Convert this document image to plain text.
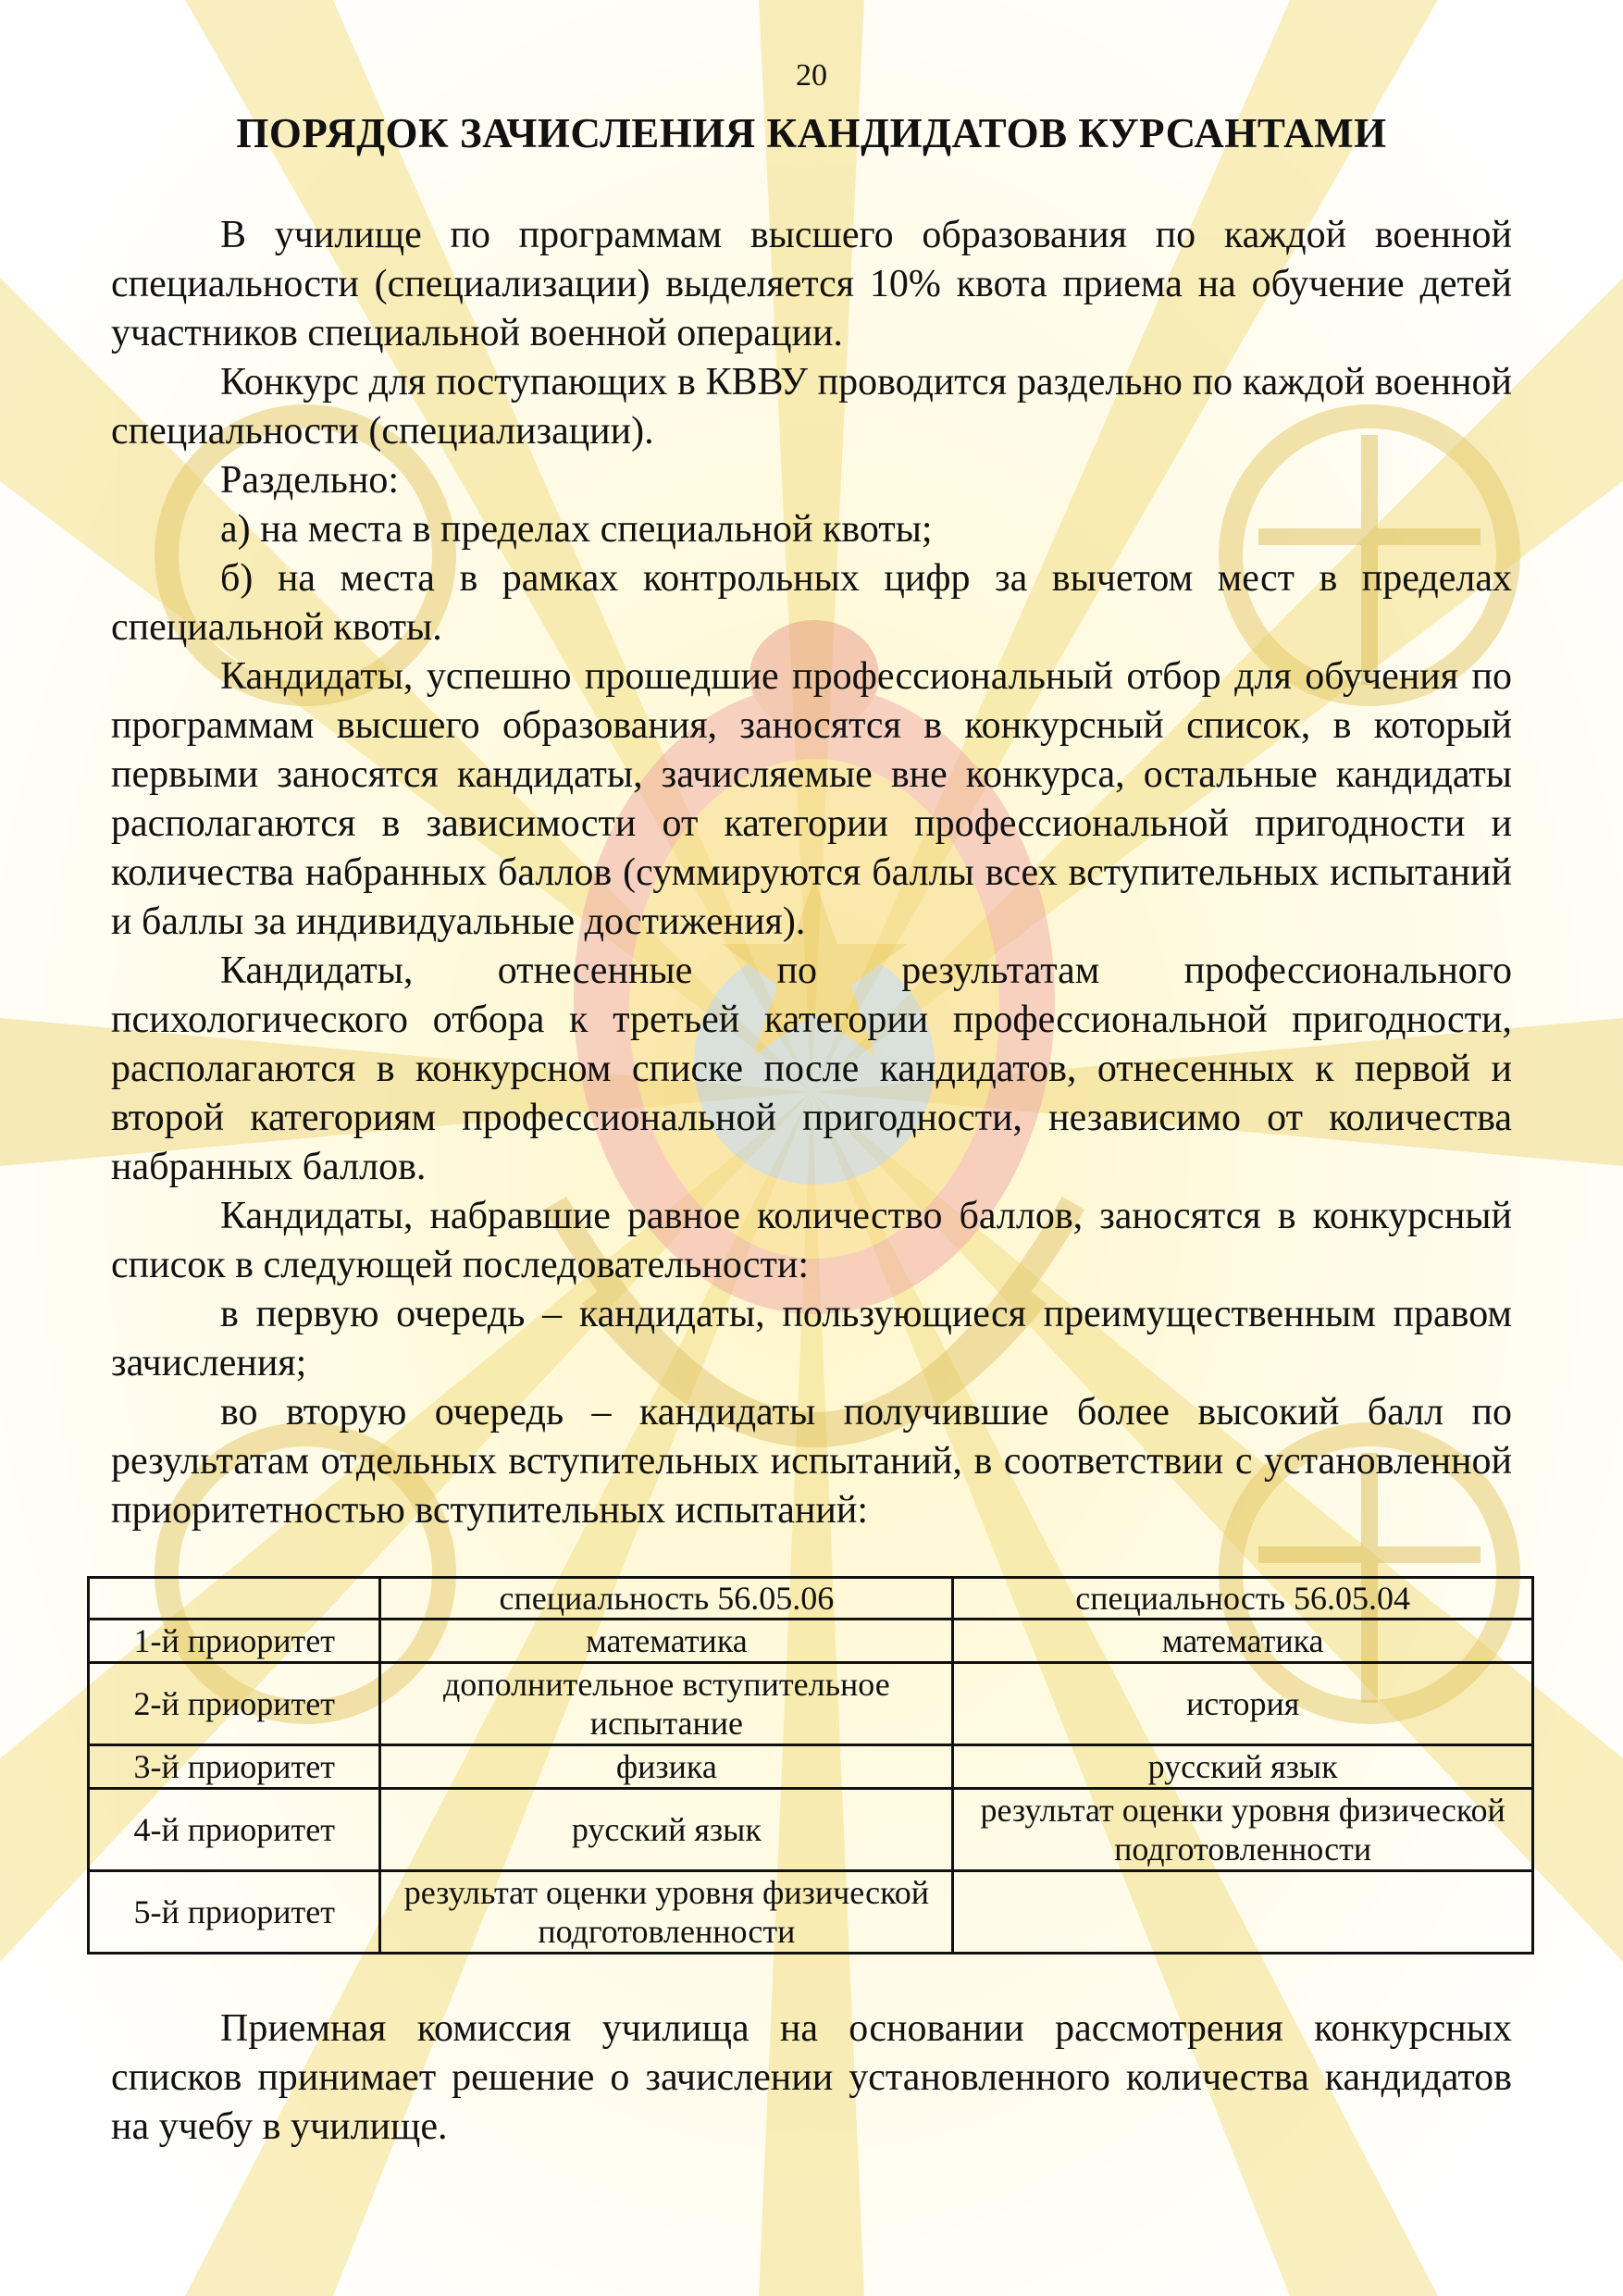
20
ПОРЯДОК ЗАЧИСЛЕНИЯ КАНДИДАТОВ КУРСАНТАМИ

В училище по программам высшего образования по каждой военной специальности (специализации) выделяется 10% квота приема на обучение детей участников специальной военной операции.

Конкурс для поступающих в КВВУ проводится раздельно по каждой военной специальности (специализации).

Раздельно:

а) на места в пределах специальной квоты;

б) на места в рамках контрольных цифр за вычетом мест в пределах специальной квоты.

Кандидаты, успешно прошедшие профессиональный отбор для обучения по программам высшего образования, заносятся в конкурсный список, в который первыми заносятся кандидаты, зачисляемые вне конкурса, остальные кандидаты располагаются в зависимости от категории профессиональной пригодности и количества набранных баллов (суммируются баллы всех вступительных испытаний и баллы за индивидуальные достижения).

Кандидаты, отнесенные по результатам профессионального психологического отбора к третьей категории профессиональной пригодности, располагаются в конкурсном списке после кандидатов, отнесенных к первой и второй категориям профессиональной пригодности, независимо от количества набранных баллов.

Кандидаты, набравшие равное количество баллов, заносятся в конкурсный список в следующей последовательности:

в первую очередь – кандидаты, пользующиеся преимущественным правом зачисления;

во вторую очередь – кандидаты получившие более высокий балл по результатам отдельных вступительных испытаний, в соответствии с установленной приоритетностью вступительных испытаний:

	специальность 56.05.06	специальность 56.05.04
1-й приоритет	математика	математика
2-й приоритет	дополнительное вступительное испытание	история
3-й приоритет	физика	русский язык
4-й приоритет	русский язык	результат оценки уровня физической подготовленности
5-й приоритет	результат оценки уровня физической подготовленности	

Приемная комиссия училища на основании рассмотрения конкурсных списков принимает решение о зачислении установленного количества кандидатов на учебу в училище.
